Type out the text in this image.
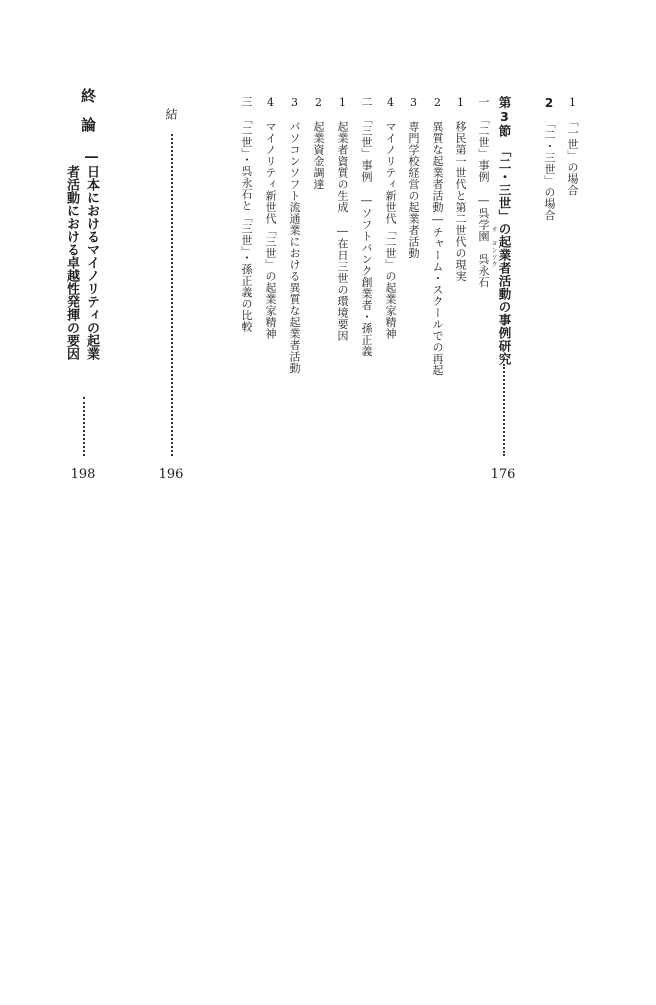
1　「一世」の場合
2　「二・三世」の場合
第3節　「二・三世」の起業者活動の事例研究
176
一　「二世」事例　―呉学園　呉永石 オ　ヨンソク
1　移民第一世代と第二世代の現実
2　異質な起業者活動―チャーム・スクールでの再起
3　専門学校経営の起業者活動
4　マイノリティ新世代「二世」の起業家精神
二　「三世」事例　―ソフトバンク創業者・孫正義
1　起業者資質の生成　―在日三世の環境要因
2　起業資金調達
3　パソコンソフト流通業における異質な起業者活動
4　マイノリティ新世代「三世」の起業家精神
三　「二世」・呉永石と「三世」・孫正義の比較
結
196
終論
―日本におけるマイノリティの起業
者活動における卓越性発揮の要因
198
